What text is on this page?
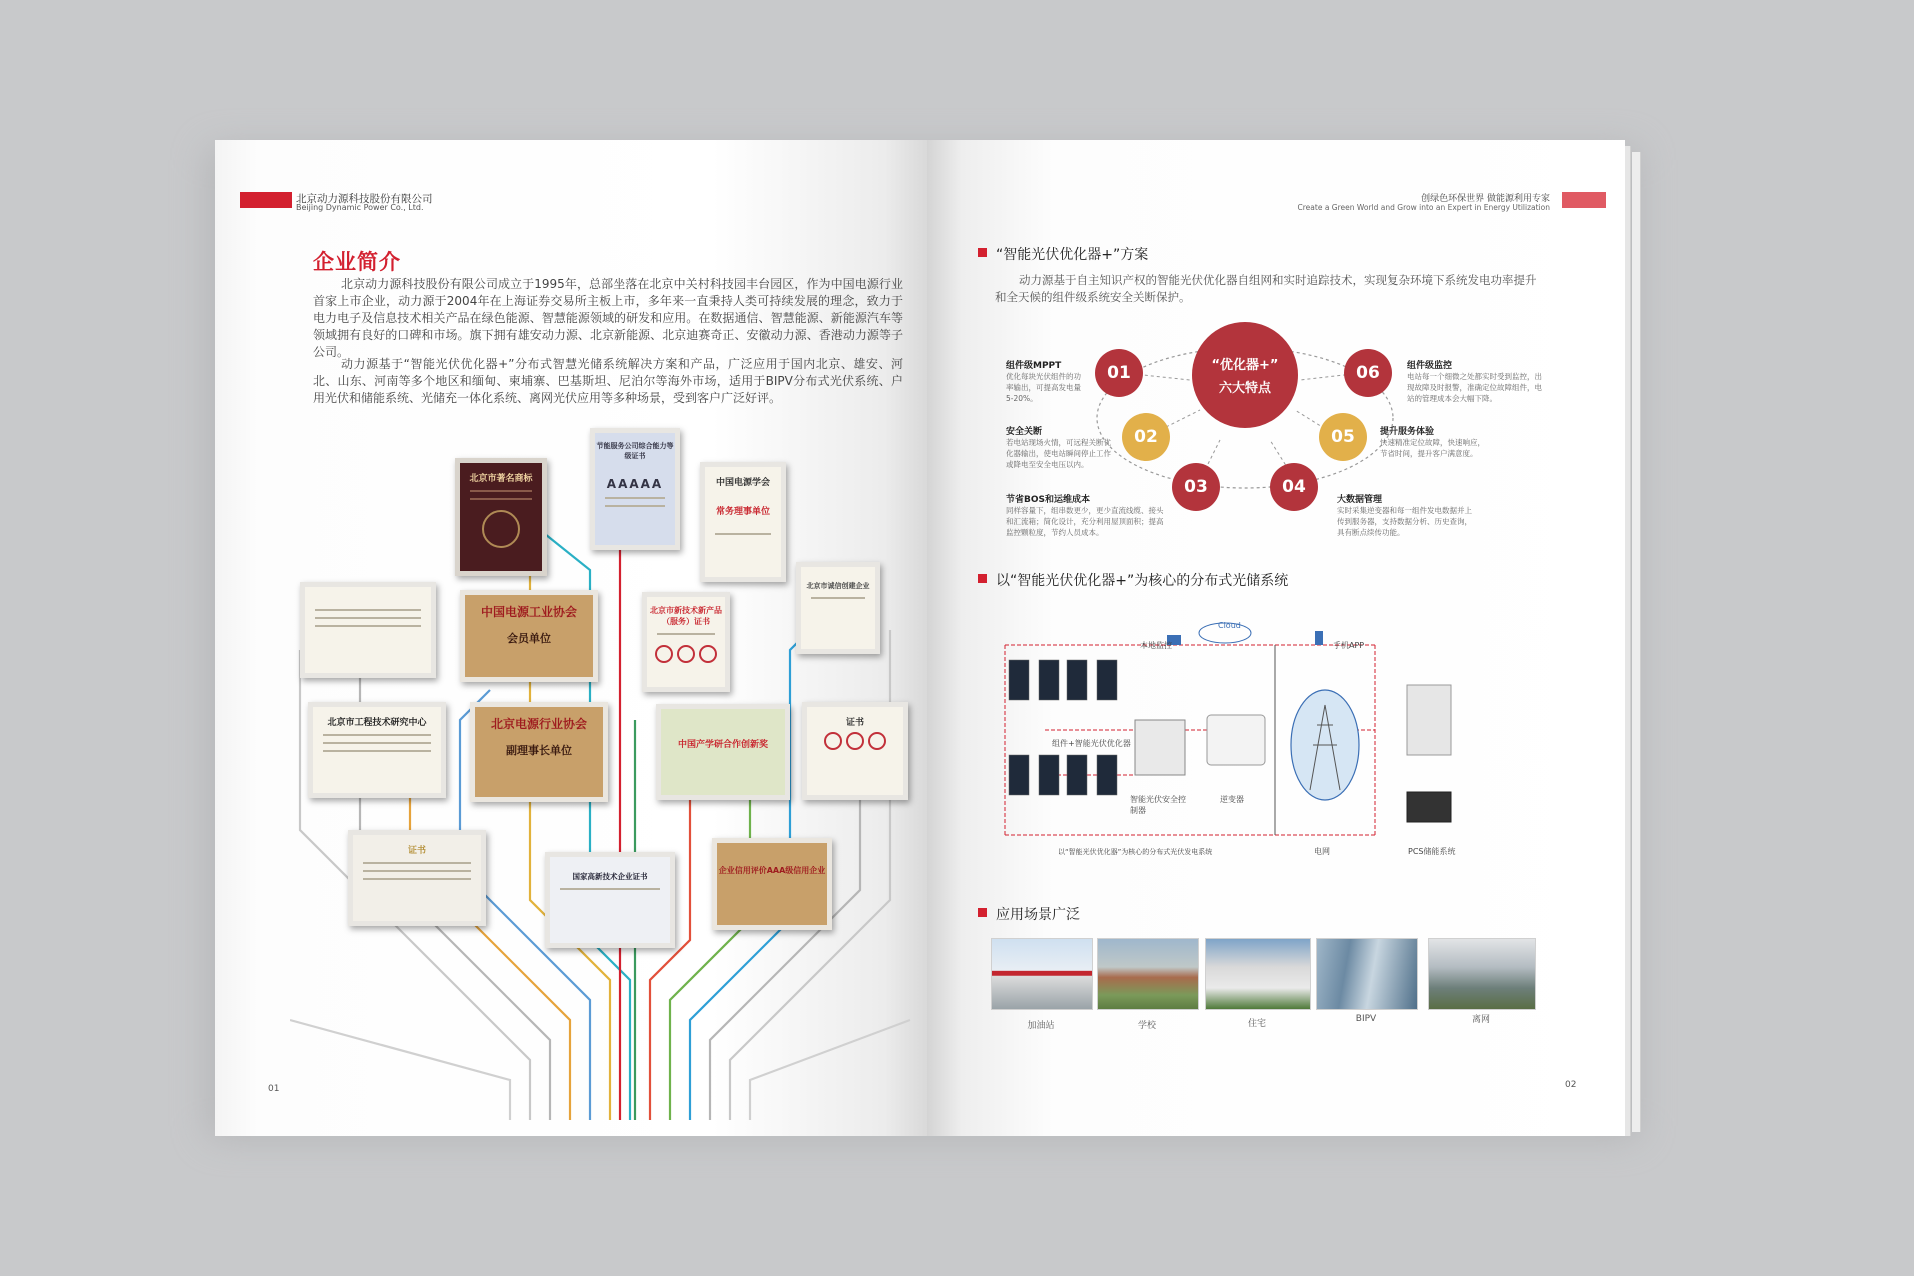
北京动力源科技股份有限公司
Beijing Dynamic Power Co., Ltd.
创绿色环保世界 做能源利用专家
Create a Green World and Grow into an Expert in Energy Utilization
企业简介
北京动力源科技股份有限公司成立于1995年，总部坐落在北京中关村科技园丰台园区，作为中国电源行业首家上市企业，动力源于2004年在上海证券交易所主板上市，多年来一直秉持人类可持续发展的理念，致力于电力电子及信息技术相关产品在绿色能源、智慧能源领域的研发和应用。在数据通信、智慧能源、新能源汽车等领域拥有良好的口碑和市场。旗下拥有雄安动力源、北京新能源、北京迪赛奇正、安徽动力源、香港动力源等子公司。
动力源基于“智能光伏优化器+”分布式智慧光储系统解决方案和产品，广泛应用于国内北京、雄安、河北、山东、河南等多个地区和缅甸、柬埔寨、巴基斯坦、尼泊尔等海外市场，适用于BIPV分布式光伏系统、户用光伏和储能系统、光储充一体化系统、离网光伏应用等多种场景，受到客户广泛好评。
北京市著名商标
节能服务公司综合能力等级证书
AAAAA	中国电源学会
常务理事单位
北京市新技术新产品（服务）证书
北京市诚信创建企业
中国电源工业协会
会员单位
北京市工程技术研究中心	北京电源行业协会
副理事长单位	中国产学研合作创新奖
证书
证书
国家高新技术企业证书
企业信用评价AAA级信用企业
01
“智能光伏优化器+”方案
动力源基于自主知识产权的智能光伏优化器自组网和实时追踪技术，实现复杂环境下系统发电功率提升和全天候的组件级系统安全关断保护。
“优化器+”
六大特点
01
02
03	04
05
06
组件级MPPT
优化每块光伏组件的功率输出，可提高发电量 5-20%。
安全关断
若电站现场火情，可远程关断优化器输出，使电站瞬间停止工作或降电至安全电压以内。
节省BOS和运维成本
同样容量下，组串数更少，更少直流线缆、接头和汇流箱；简化设计，充分利用屋顶面积；提高监控颗粒度，节约人员成本。
大数据管理
实时采集逆变器和每一组件发电数据并上传到服务器，支持数据分析、历史查询，具有断点续传功能。
提升服务体验
快速精准定位故障，快速响应，节省时间，提升客户满意度。
组件级监控
电站每一个细微之处都实时受到监控，出现故障及时报警，准确定位故障组件，电站的管理成本会大幅下降。
以“智能光伏优化器+”为核心的分布式光储系统
本地监控
Cloud
手机APP
组件+智能光伏优化器
智能光伏安全控制器
逆变器
电网	PCS储能系统
以“智能光伏优化器”为核心的分布式光伏发电系统
应用场景广泛
加油站	学校	住宅	BIPV	离网
02
